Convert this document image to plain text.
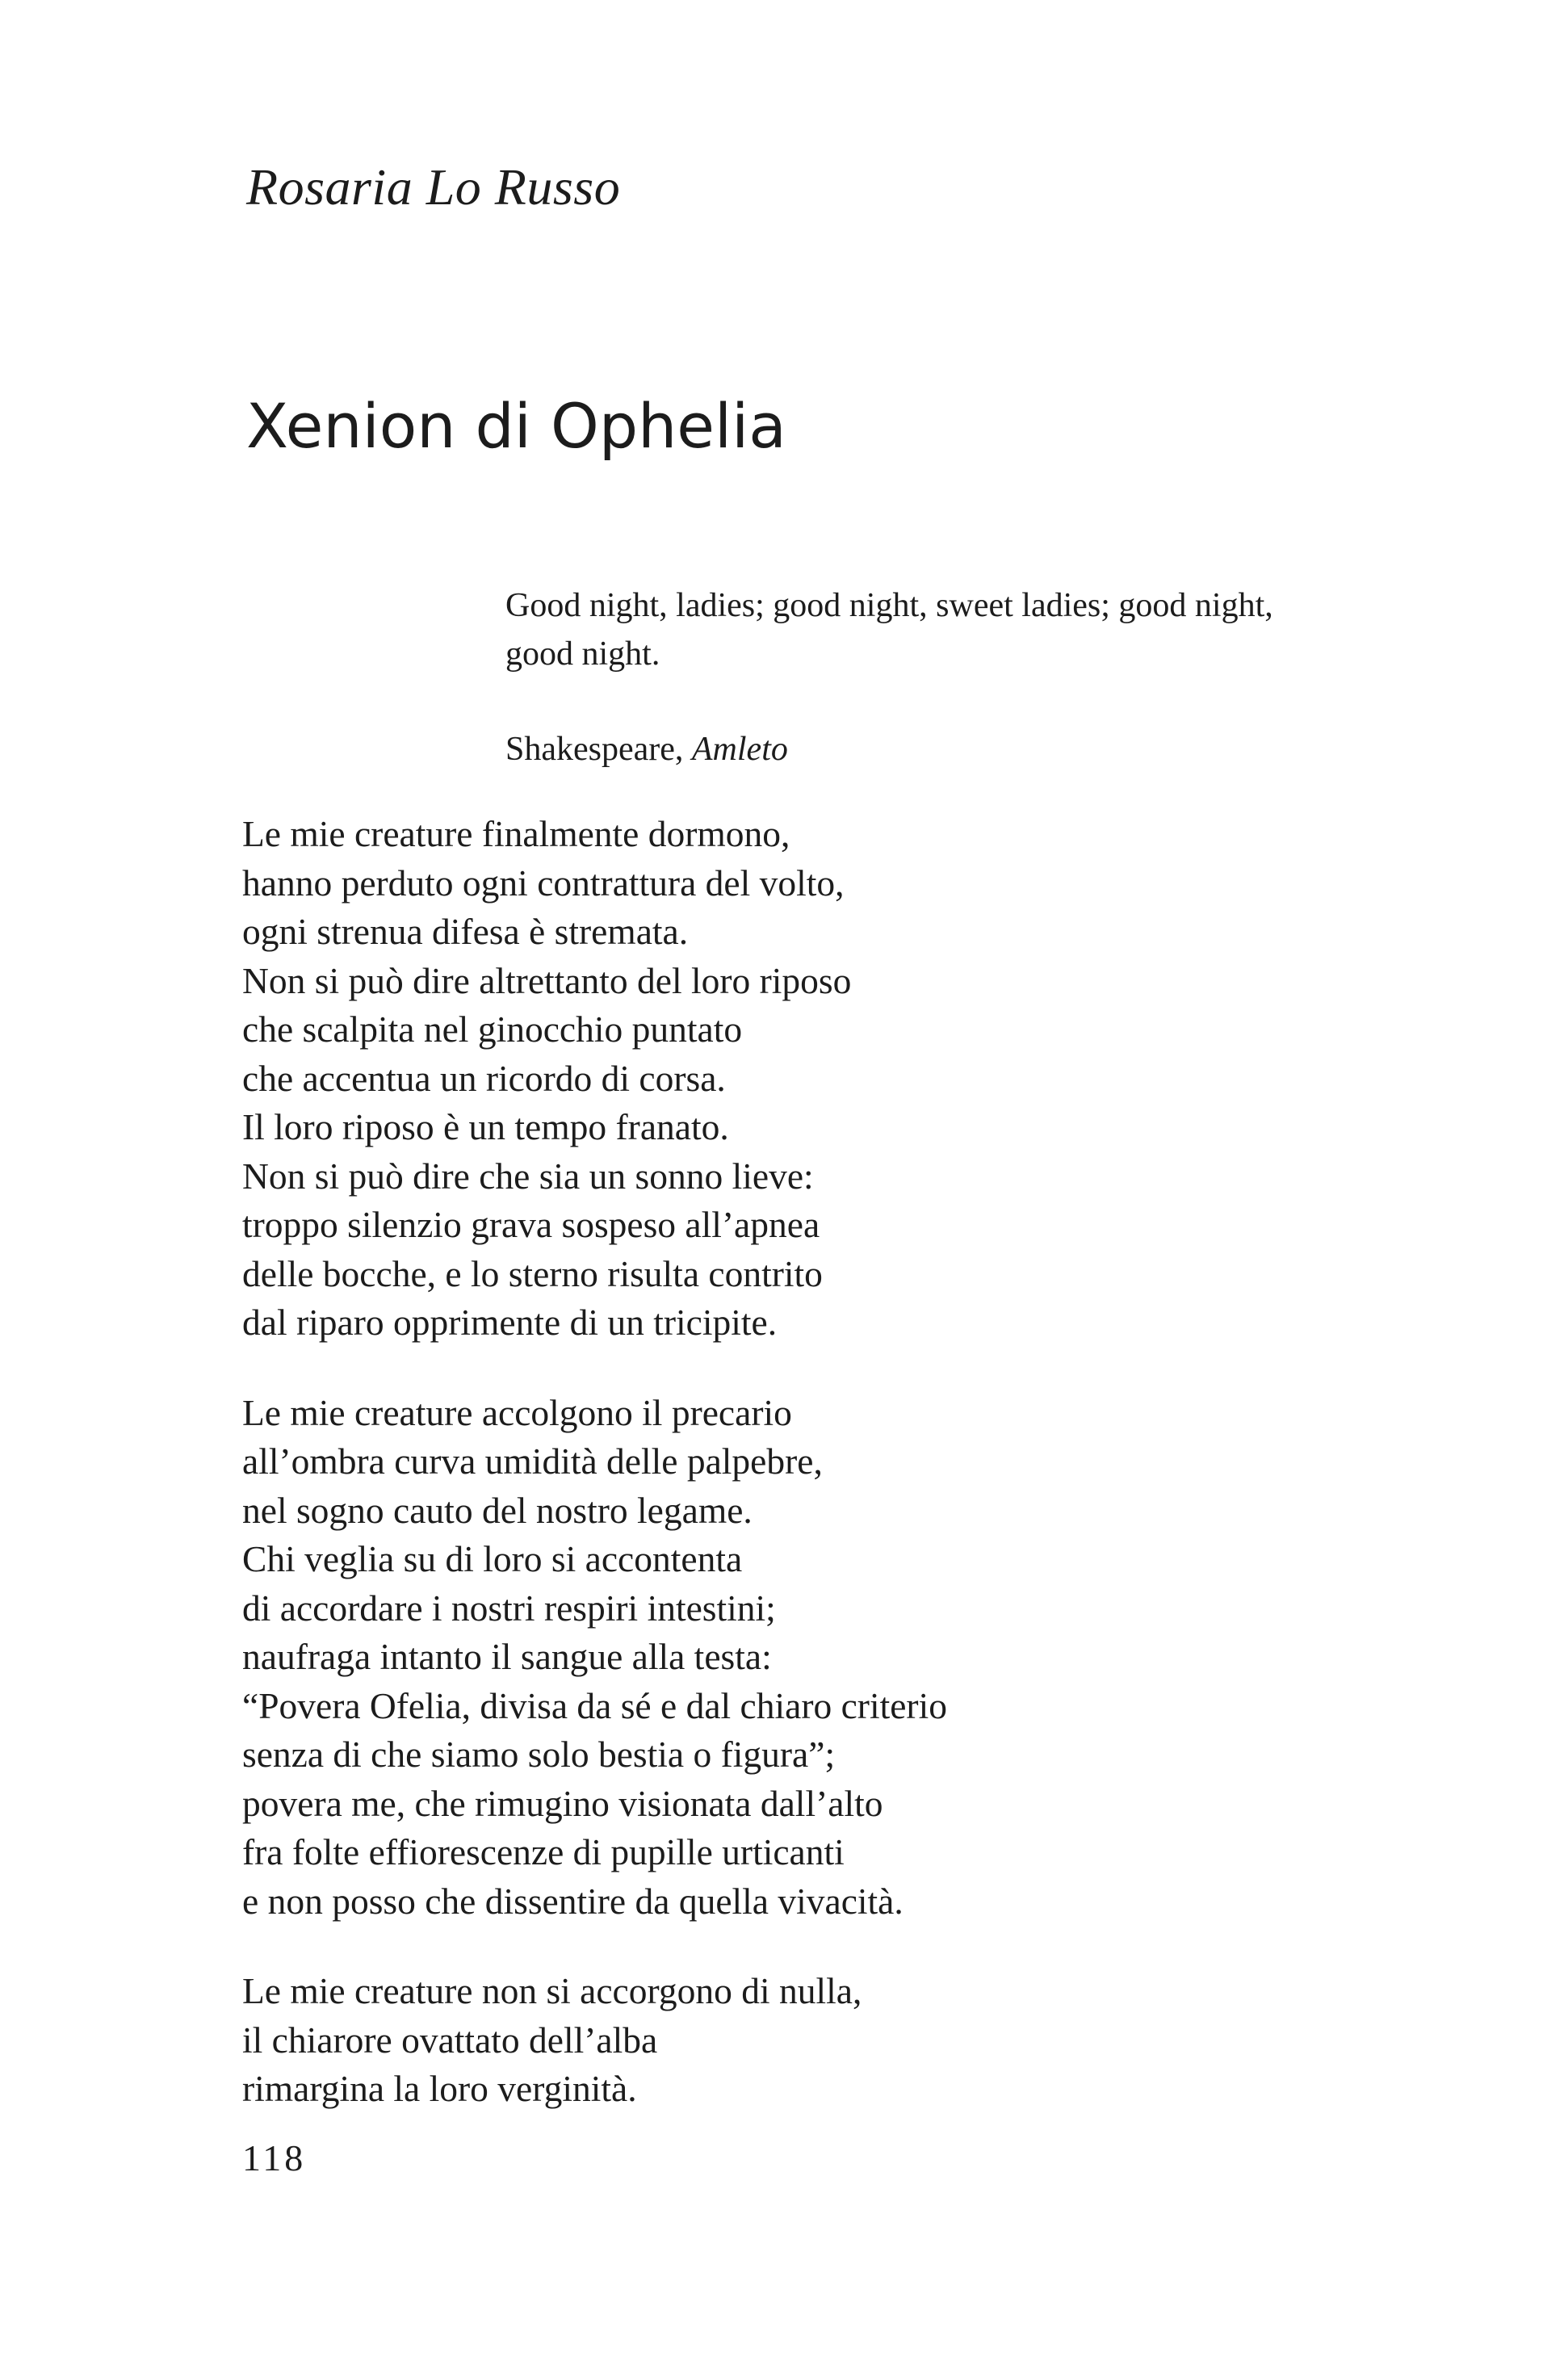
Rosaria Lo Russo
Xenion di Ophelia
Good night, ladies; good night, sweet ladies; good night,
good night.
Shakespeare, Amleto
Le mie creature finalmente dormono,
hanno perduto ogni contrattura del volto,
ogni strenua difesa è stremata.
Non si può dire altrettanto del loro riposo
che scalpita nel ginocchio puntato
che accentua un ricordo di corsa.
Il loro riposo è un tempo franato.
Non si può dire che sia un sonno lieve:
troppo silenzio grava sospeso all’apnea
delle bocche, e lo sterno risulta contrito
dal riparo opprimente di un tricipite.
Le mie creature accolgono il precario
all’ombra curva umidità delle palpebre,
nel sogno cauto del nostro legame.
Chi veglia su di loro si accontenta
di accordare i nostri respiri intestini;
naufraga intanto il sangue alla testa:
“Povera Ofelia, divisa da sé e dal chiaro criterio
senza di che siamo solo bestia o figura”;
povera me, che rimugino visionata dall’alto
fra folte effiorescenze di pupille urticanti
e non posso che dissentire da quella vivacità.
Le mie creature non si accorgono di nulla,
il chiarore ovattato dell’alba
rimargina la loro verginità.
118
